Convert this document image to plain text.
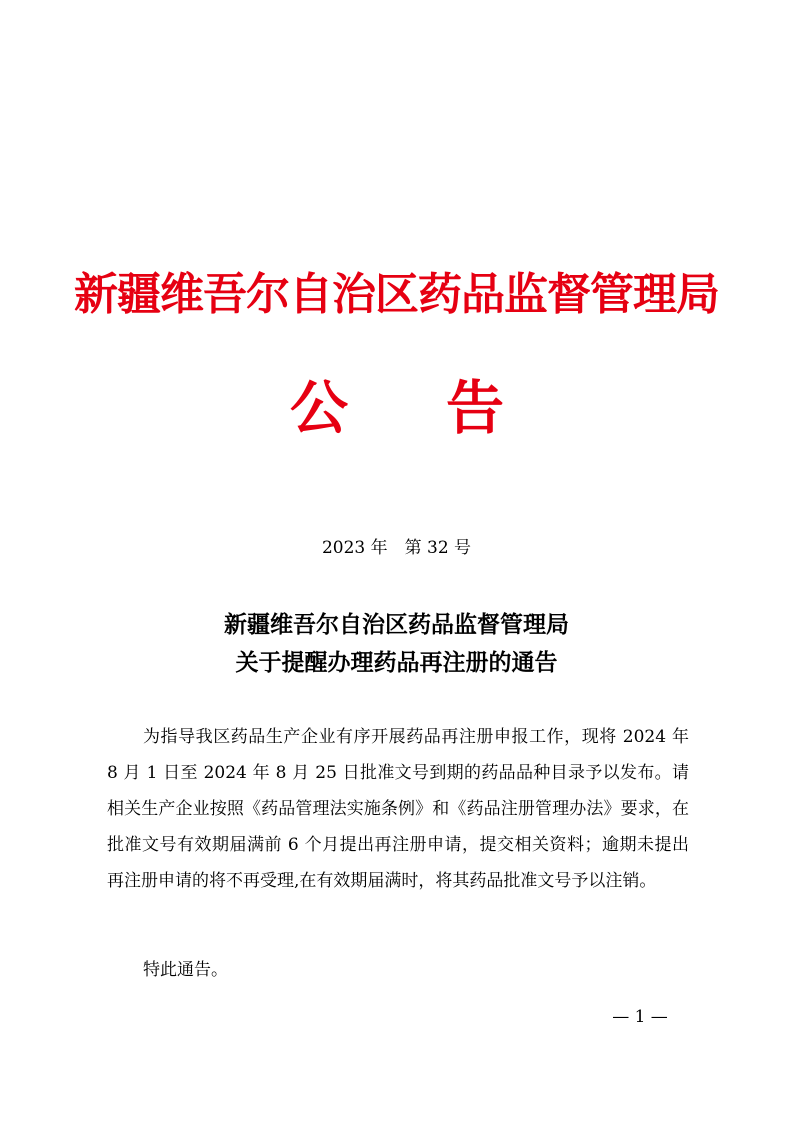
新疆维吾尔自治区药品监督管理局
公 告
2023 年　第 32 号
新疆维吾尔自治区药品监督管理局
关于提醒办理药品再注册的通告

为指导我区药品生产企业有序开展药品再注册申报工作，现将 2024 年 8 月 1 日至 2024 年 8 月 25 日批准文号到期的药品品种目录予以发布。请相关生产企业按照《药品管理法实施条例》和《药品注册管理办法》要求，在批准文号有效期届满前 6 个月提出再注册申请，提交相关资料；逾期未提出再注册申请的将不再受理,在有效期届满时，将其药品批准文号予以注销。

特此通告。
— 1 —
